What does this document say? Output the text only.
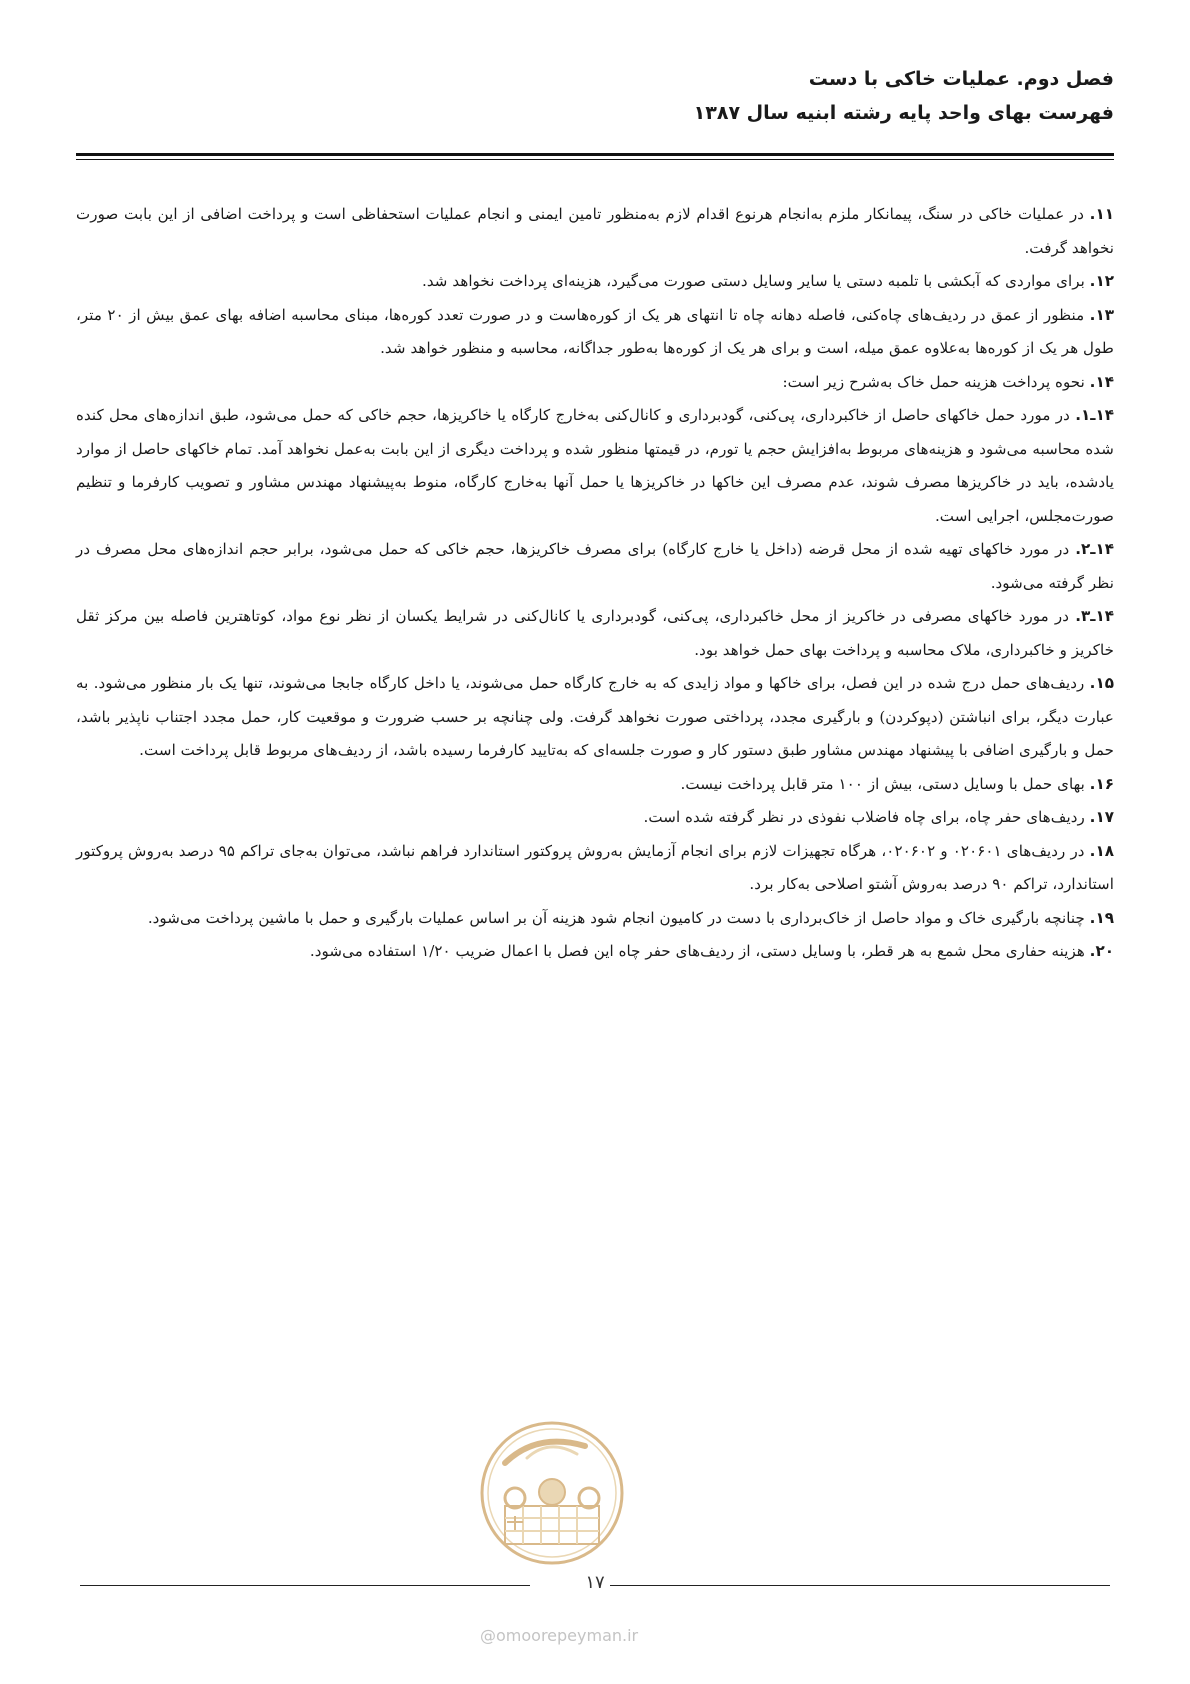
فصل دوم. عملیات خاکی با دست

فهرست بهای واحد پایه رشته ابنیه سال ۱۳۸۷

۱۱. در عملیات خاکی در سنگ، پیمانکار ملزم به‌انجام هرنوع اقدام لازم به‌منظور تامین ایمنی و انجام عملیات استحفاظی است و پرداخت اضافی از این بابت صورت نخواهد گرفت.

۱۲. برای مواردی که آبکشی با تلمبه دستی یا سایر وسایل دستی صورت می‌گیرد، هزینه‌ای پرداخت نخواهد شد.

۱۳. منظور از عمق در ردیف‌های چاه‌کنی، فاصله دهانه چاه تا انتهای هر یک از کوره‌هاست و در صورت تعدد کوره‌ها، مبنای محاسبه اضافه بهای عمق بیش از ۲۰ متر، طول هر یک از کوره‌ها به‌علاوه عمق میله، است و برای هر یک از کوره‌ها به‌طور جداگانه، محاسبه و منظور خواهد شد.

۱۴. نحوه پرداخت هزینه حمل خاک به‌شرح زیر است:

۱۴ـ۱. در مورد حمل خاکهای حاصل از خاکبرداری، پی‌کنی، گودبرداری و کانال‌کنی به‌خارج کارگاه یا خاکریزها، حجم خاکی که حمل می‌شود، طبق اندازه‌های محل کنده شده محاسبه می‌شود و هزینه‌های مربوط به‌افزایش حجم یا تورم، در قیمتها منظور شده و پرداخت دیگری از این بابت به‌عمل نخواهد آمد. تمام خاکهای حاصل از موارد یادشده، باید در خاکریزها مصرف شوند، عدم مصرف این خاکها در خاکریزها یا حمل آنها به‌خارج کارگاه، منوط به‌پیشنهاد مهندس مشاور و تصویب کارفرما و تنظیم صورت‌مجلس، اجرایی است.

۱۴ـ۲. در مورد خاکهای تهیه شده از محل قرضه (داخل یا خارج کارگاه) برای مصرف خاکریزها، حجم خاکی که حمل می‌شود، برابر حجم اندازه‌های محل مصرف در نظر گرفته می‌شود.

۱۴ـ۳. در مورد خاکهای مصرفی در خاکریز از محل خاکبرداری، پی‌کنی، گودبرداری یا کانال‌کنی در شرایط یکسان از نظر نوع مواد، کوتاهترین فاصله بین مرکز ثقل خاکریز و خاکبرداری، ملاک محاسبه و پرداخت بهای حمل خواهد بود.

۱۵. ردیف‌های حمل درج شده در این فصل، برای خاکها و مواد زایدی که به خارج کارگاه حمل می‌شوند، یا داخل کارگاه جابجا می‌شوند، تنها یک بار منظور می‌شود. به عبارت دیگر، برای انباشتن (دپوکردن) و بارگیری مجدد، پرداختی صورت نخواهد گرفت. ولی چنانچه بر حسب ضرورت و موقعیت کار، حمل مجدد اجتناب ناپذیر باشد، حمل و بارگیری اضافی با پیشنهاد مهندس مشاور طبق دستور کار و صورت جلسه‌ای که به‌تایید کارفرما رسیده باشد، از ردیف‌های مربوط قابل پرداخت است.

۱۶. بهای حمل با وسایل دستی، بیش از ۱۰۰ متر قابل پرداخت نیست.

۱۷. ردیف‌های حفر چاه، برای چاه فاضلاب نفوذی در نظر گرفته شده است.

۱۸. در ردیف‌های ۰۲۰۶۰۱ و ۰۲۰۶۰۲، هرگاه تجهیزات لازم برای انجام آزمایش به‌روش پروکتور استاندارد فراهم نباشد، می‌توان به‌جای تراکم ۹۵ درصد به‌روش پروکتور استاندارد، تراکم ۹۰ درصد به‌روش آشتو اصلاحی به‌کار برد.

۱۹. چنانچه بارگیری خاک و مواد حاصل از خاک‌برداری با دست در کامیون انجام شود هزینه آن بر اساس عملیات بارگیری و حمل با ماشین پرداخت می‌شود.

۲۰. هزینه حفاری محل شمع به هر قطر، با وسایل دستی، از ردیف‌های حفر چاه این فصل با اعمال ضریب ۱/۲۰ استفاده می‌شود.

۱۷
@omoorepeyman.ir
